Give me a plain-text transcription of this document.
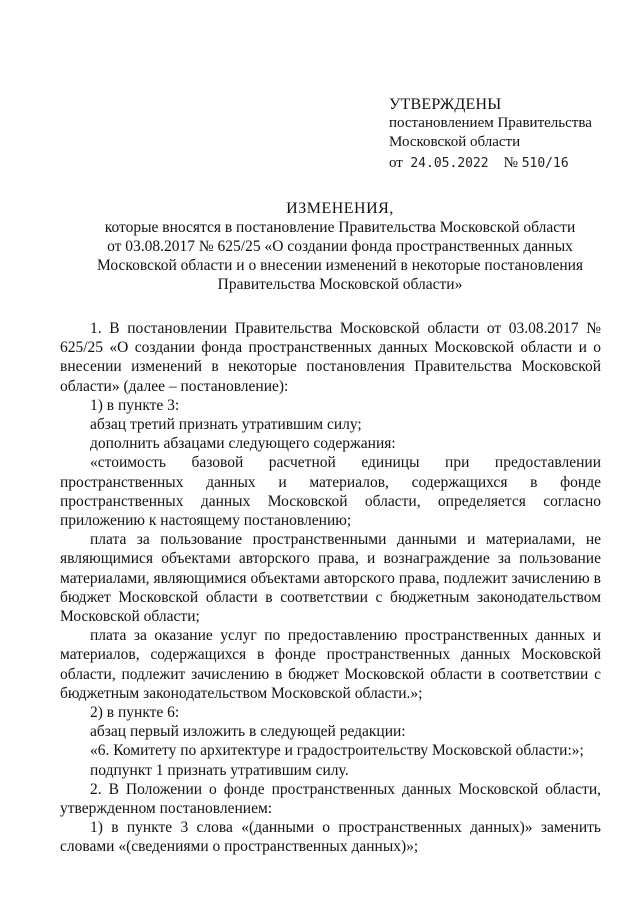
УТВЕРЖДЕНЫ
постановлением Правительства
Московской области
от 24.05.2022 № 510/16
ИЗМЕНЕНИЯ,
которые вносятся в постановление Правительства Московской области
от 03.08.2017 № 625/25 «О создании фонда пространственных данных
Московской области и о внесении изменений в некоторые постановления
Правительства Московской области»

1. В постановлении Правительства Московской области от 03.08.2017 № 625/25 «О создании фонда пространственных данных Московской области и о внесении изменений в некоторые постановления Правительства Московской области» (далее – постановление):

1) в пункте 3:

абзац третий признать утратившим силу;

дополнить абзацами следующего содержания:

«стоимость базовой расчетной единицы при предоставлении пространственных данных и материалов, содержащихся в фонде пространственных данных Московской области, определяется согласно приложению к настоящему постановлению;

плата за пользование пространственными данными и материалами, не являющимися объектами авторского права, и вознаграждение за пользование материалами, являющимися объектами авторского права, подлежит зачислению в бюджет Московской области в соответствии с бюджетным законодательством Московской области;

плата за оказание услуг по предоставлению пространственных данных и материалов, содержащихся в фонде пространственных данных Московской области, подлежит зачислению в бюджет Московской области в соответствии с бюджетным законодательством Московской области.»;

2) в пункте 6:

абзац первый изложить в следующей редакции:

«6. Комитету по архитектуре и градостроительству Московской области:»;

подпункт 1 признать утратившим силу.

2. В Положении о фонде пространственных данных Московской области, утвержденном постановлением:

1) в пункте 3 слова «(данными о пространственных данных)» заменить словами «(сведениями о пространственных данных)»;
